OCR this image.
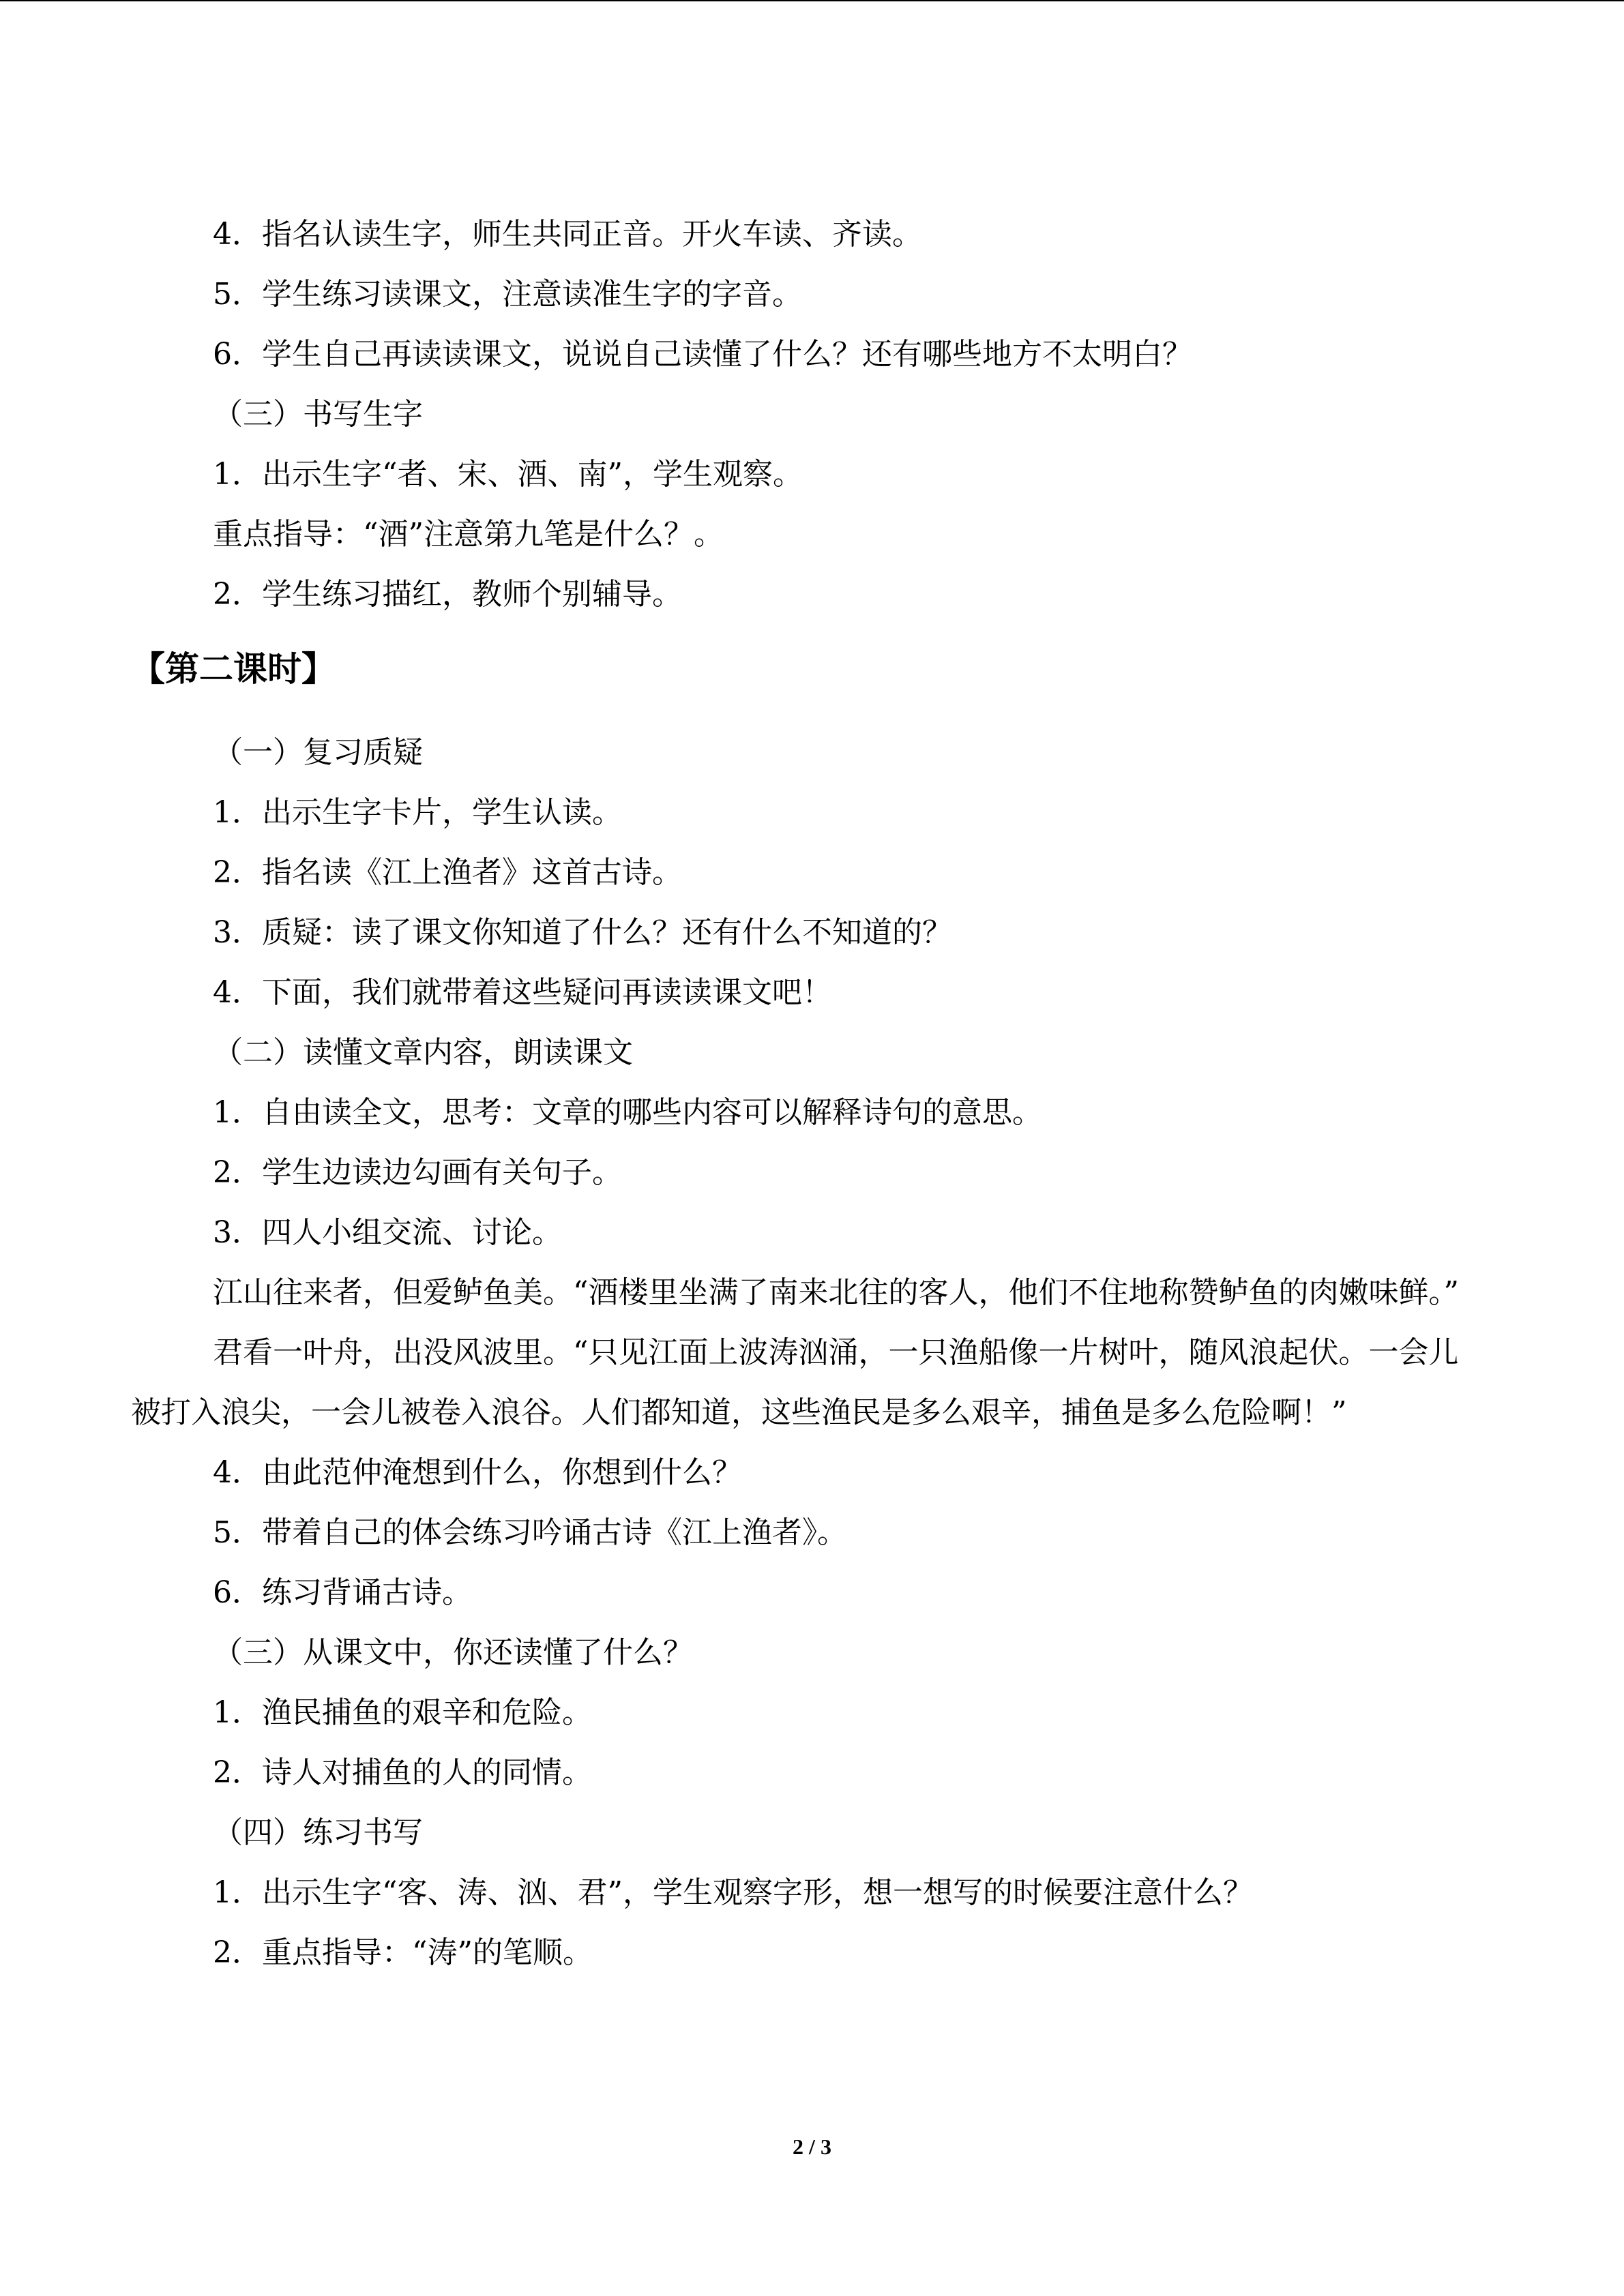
4．指名认读生字，师生共同正音。开火车读、齐读。
5．学生练习读课文，注意读准生字的字音。
6．学生自己再读读课文，说说自己读懂了什么？还有哪些地方不太明白？
（三）书写生字
1．出示生字“者、宋、酒、南”，学生观察。
重点指导：“酒”注意第九笔是什么？。
2．学生练习描红，教师个别辅导。
【第二课时】
（一）复习质疑
1．出示生字卡片，学生认读。
2．指名读《江上渔者》这首古诗。
3．质疑：读了课文你知道了什么？还有什么不知道的？
4．下面，我们就带着这些疑问再读读课文吧！
（二）读懂文章内容，朗读课文
1．自由读全文，思考：文章的哪些内容可以解释诗句的意思。
2．学生边读边勾画有关句子。
3．四人小组交流、讨论。
江山往来者，但爱鲈鱼美。“酒楼里坐满了南来北往的客人，他们不住地称赞鲈鱼的肉嫩味鲜。”
君看一叶舟，出没风波里。“只见江面上波涛汹涌，一只渔船像一片树叶，随风浪起伏。一会儿被打入浪尖，一会儿被卷入浪谷。人们都知道，这些渔民是多么艰辛，捕鱼是多么危险啊！”
4．由此范仲淹想到什么，你想到什么？
5．带着自己的体会练习吟诵古诗《江上渔者》。
6．练习背诵古诗。
（三）从课文中，你还读懂了什么？
1．渔民捕鱼的艰辛和危险。
2．诗人对捕鱼的人的同情。
（四）练习书写
1．出示生字“客、涛、汹、君”，学生观察字形，想一想写的时候要注意什么？
2．重点指导：“涛”的笔顺。
2 / 3
